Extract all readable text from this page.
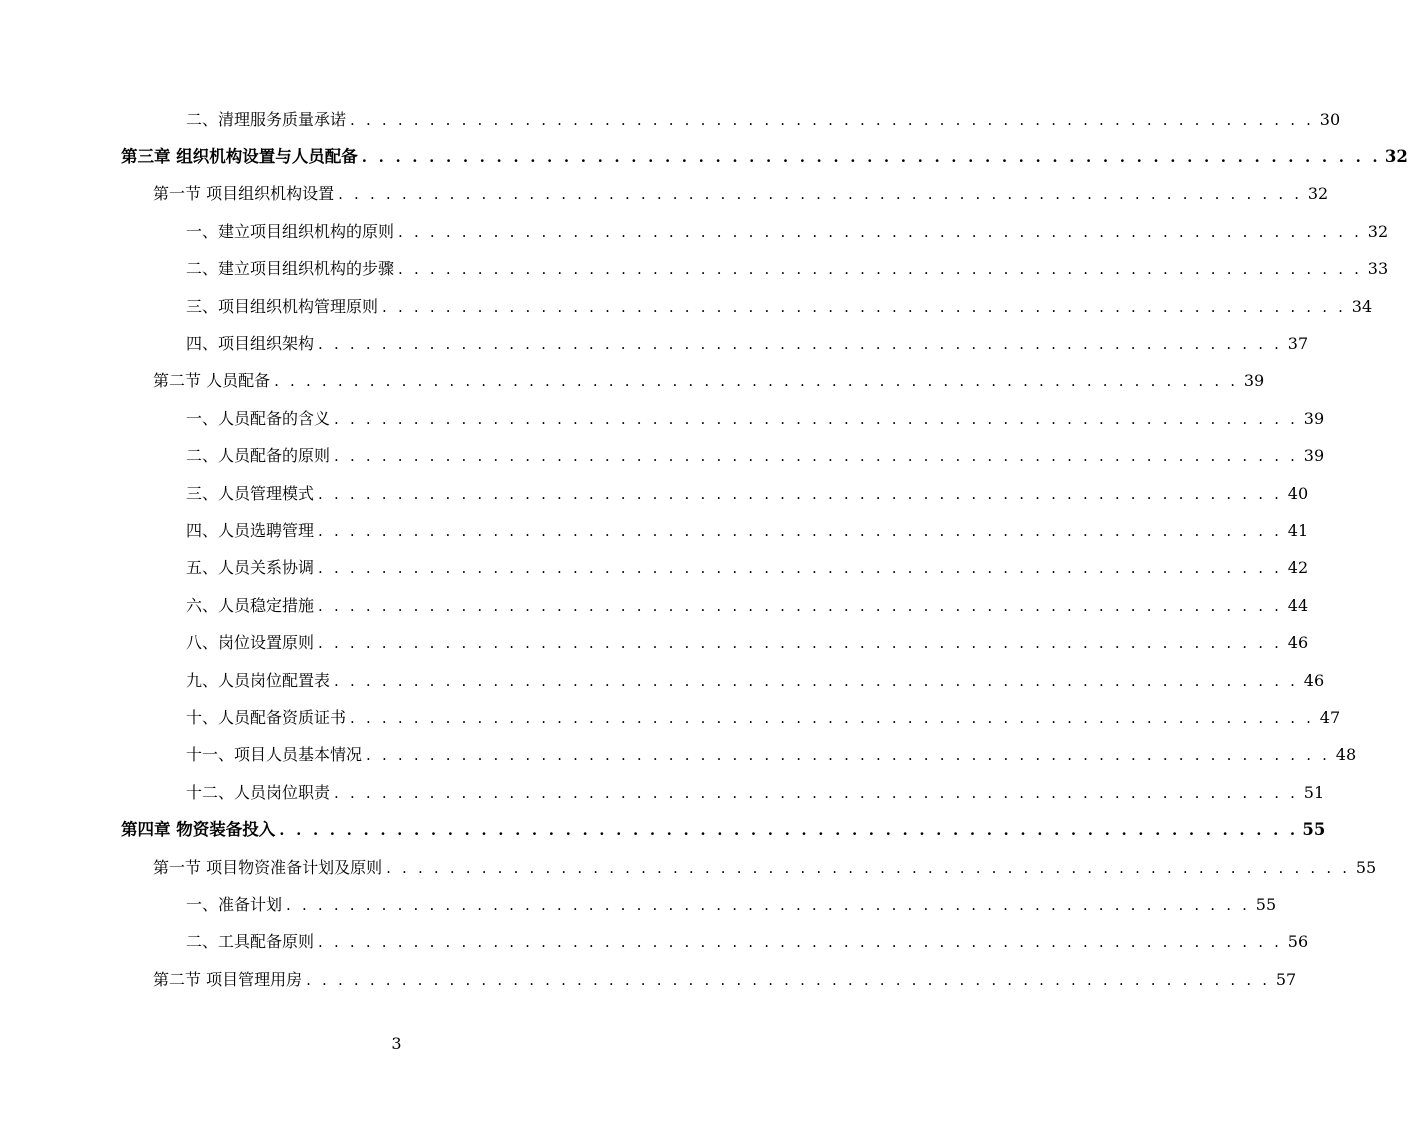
二、清理服务质量承诺 . . . . . . . . . . . . . . . . . . . . . . . . . . . . . . . . . . . . . . . . . . . . . . . . . . . . . . . . . . . . . 30
第三章 组织机构设置与人员配备 . . . . . . . . . . . . . . . . . . . . . . . . . . . . . . . . . . . . . . . . . . . . . . . . . . . . . . . . . . . . . 32
第一节 项目组织机构设置 . . . . . . . . . . . . . . . . . . . . . . . . . . . . . . . . . . . . . . . . . . . . . . . . . . . . . . . . . . . . . 32
一、建立项目组织机构的原则 . . . . . . . . . . . . . . . . . . . . . . . . . . . . . . . . . . . . . . . . . . . . . . . . . . . . . . . . . . . . . 32
二、建立项目组织机构的步骤 . . . . . . . . . . . . . . . . . . . . . . . . . . . . . . . . . . . . . . . . . . . . . . . . . . . . . . . . . . . . . 33
三、项目组织机构管理原则 . . . . . . . . . . . . . . . . . . . . . . . . . . . . . . . . . . . . . . . . . . . . . . . . . . . . . . . . . . . . . 34
四、项目组织架构 . . . . . . . . . . . . . . . . . . . . . . . . . . . . . . . . . . . . . . . . . . . . . . . . . . . . . . . . . . . . . 37
第二节 人员配备 . . . . . . . . . . . . . . . . . . . . . . . . . . . . . . . . . . . . . . . . . . . . . . . . . . . . . . . . . . . . . 39
一、人员配备的含义 . . . . . . . . . . . . . . . . . . . . . . . . . . . . . . . . . . . . . . . . . . . . . . . . . . . . . . . . . . . . . 39
二、人员配备的原则 . . . . . . . . . . . . . . . . . . . . . . . . . . . . . . . . . . . . . . . . . . . . . . . . . . . . . . . . . . . . . 39
三、人员管理模式 . . . . . . . . . . . . . . . . . . . . . . . . . . . . . . . . . . . . . . . . . . . . . . . . . . . . . . . . . . . . . 40
四、人员选聘管理 . . . . . . . . . . . . . . . . . . . . . . . . . . . . . . . . . . . . . . . . . . . . . . . . . . . . . . . . . . . . . 41
五、人员关系协调 . . . . . . . . . . . . . . . . . . . . . . . . . . . . . . . . . . . . . . . . . . . . . . . . . . . . . . . . . . . . . 42
六、人员稳定措施 . . . . . . . . . . . . . . . . . . . . . . . . . . . . . . . . . . . . . . . . . . . . . . . . . . . . . . . . . . . . . 44
八、岗位设置原则 . . . . . . . . . . . . . . . . . . . . . . . . . . . . . . . . . . . . . . . . . . . . . . . . . . . . . . . . . . . . . 46
九、人员岗位配置表 . . . . . . . . . . . . . . . . . . . . . . . . . . . . . . . . . . . . . . . . . . . . . . . . . . . . . . . . . . . . . 46
十、人员配备资质证书 . . . . . . . . . . . . . . . . . . . . . . . . . . . . . . . . . . . . . . . . . . . . . . . . . . . . . . . . . . . . . 47
十一、项目人员基本情况 . . . . . . . . . . . . . . . . . . . . . . . . . . . . . . . . . . . . . . . . . . . . . . . . . . . . . . . . . . . . . 48
十二、人员岗位职责 . . . . . . . . . . . . . . . . . . . . . . . . . . . . . . . . . . . . . . . . . . . . . . . . . . . . . . . . . . . . . 51
第四章 物资装备投入 . . . . . . . . . . . . . . . . . . . . . . . . . . . . . . . . . . . . . . . . . . . . . . . . . . . . . . . . . . . . . 55
第一节 项目物资准备计划及原则 . . . . . . . . . . . . . . . . . . . . . . . . . . . . . . . . . . . . . . . . . . . . . . . . . . . . . . . . . . . . . 55
一、准备计划 . . . . . . . . . . . . . . . . . . . . . . . . . . . . . . . . . . . . . . . . . . . . . . . . . . . . . . . . . . . . . 55
二、工具配备原则 . . . . . . . . . . . . . . . . . . . . . . . . . . . . . . . . . . . . . . . . . . . . . . . . . . . . . . . . . . . . . 56
第二节 项目管理用房 . . . . . . . . . . . . . . . . . . . . . . . . . . . . . . . . . . . . . . . . . . . . . . . . . . . . . . . . . . . . . 57
3
